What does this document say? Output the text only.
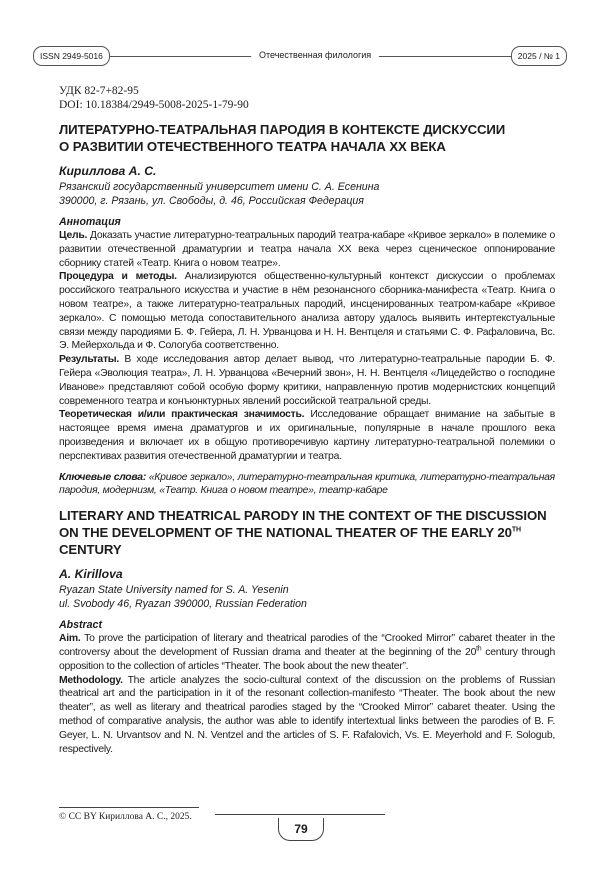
ISSN 2949-5016	Отечественная филология	2025 / № 1
УДК 82-7+82-95
DOI: 10.18384/2949-5008-2025-1-79-90
ЛИТЕРАТУРНО-ТЕАТРАЛЬНАЯ ПАРОДИЯ В КОНТЕКСТЕ ДИСКУССИИ
О РАЗВИТИИ ОТЕЧЕСТВЕННОГО ТЕАТРА НАЧАЛА ХХ ВЕКА
Кириллова А. С.
Рязанский государственный университет имени С. А. Есенина
390000, г. Рязань, ул. Свободы, д. 46, Российская Федерация
Аннотация

Цель. Доказать участие литературно-театральных пародий театра-кабаре «Кривое зеркало» в полемике о развитии отечественной драматургии и театра начала XX века через сценическое оппонирование сборнику статей «Театр. Книга о новом театре».

Процедура и методы. Анализируются общественно-культурный контекст дискуссии о проблемах российского театрального искусства и участие в нём резонансного сборника-манифеста «Театр. Книга о новом театре», а также литературно-театральных пародий, инсценированных театром-кабаре «Кривое зеркало». С помощью метода сопоставительного анализа автору удалось выявить интертекстуальные связи между пародиями Б. Ф. Гейера, Л. Н. Урванцова и Н. Н. Вентцеля и статьями С. Ф. Рафаловича, Вс. Э. Мейерхольда и Ф. Сологуба соответственно.

Результаты. В ходе исследования автор делает вывод, что литературно-театральные пародии Б. Ф. Гейера «Эволюция театра», Л. Н. Урванцова «Вечерний звон», Н. Н. Вентцеля «Лицедейство о господине Иванове» представляют собой особую форму критики, направленную против модернистских концепций современного театра и конъюнктурных явлений российской театральной среды.

Теоретическая и/или практическая значимость. Исследование обращает внимание на забытые в настоящее время имена драматургов и их оригинальные, популярные в начале прошлого века произведения и включает их в общую противоречивую картину литературно-театральной полемики о перспективах развития отечественной драматургии и театра.

Ключевые слова: «Кривое зеркало», литературно-театральная критика, литературно-театральная пародия, модернизм, «Театр. Книга о новом театре», театр-кабаре

LITERARY AND THEATRICAL PARODY IN THE CONTEXT OF THE DISCUSSION
ON THE DEVELOPMENT OF THE NATIONAL THEATER OF THE EARLY 20TH CENTURY
A. Kirillova
Ryazan State University named for S. A. Yesenin
ul. Svobody 46, Ryazan 390000, Russian Federation
Abstract

Aim. To prove the participation of literary and theatrical parodies of the “Crooked Mirror” cabaret theater in the controversy about the development of Russian drama and theater at the beginning of the 20th century through opposition to the collection of articles “Theater. The book about the new theater”.

Methodology. The article analyzes the socio-cultural context of the discussion on the problems of Russian theatrical art and the participation in it of the resonant collection-manifesto “Theater. The book about the new theater”, as well as literary and theatrical parodies staged by the “Crooked Mirror” cabaret theater. Using the method of comparative analysis, the author was able to identify intertextual links between the parodies of B. F. Geyer, L. N. Urvantsov and N. N. Ventzel and the articles of S. F. Rafalovich, Vs. E. Meyerhold and F. Sologub, respectively.

© CC BY Кириллова А. С., 2025.
79
